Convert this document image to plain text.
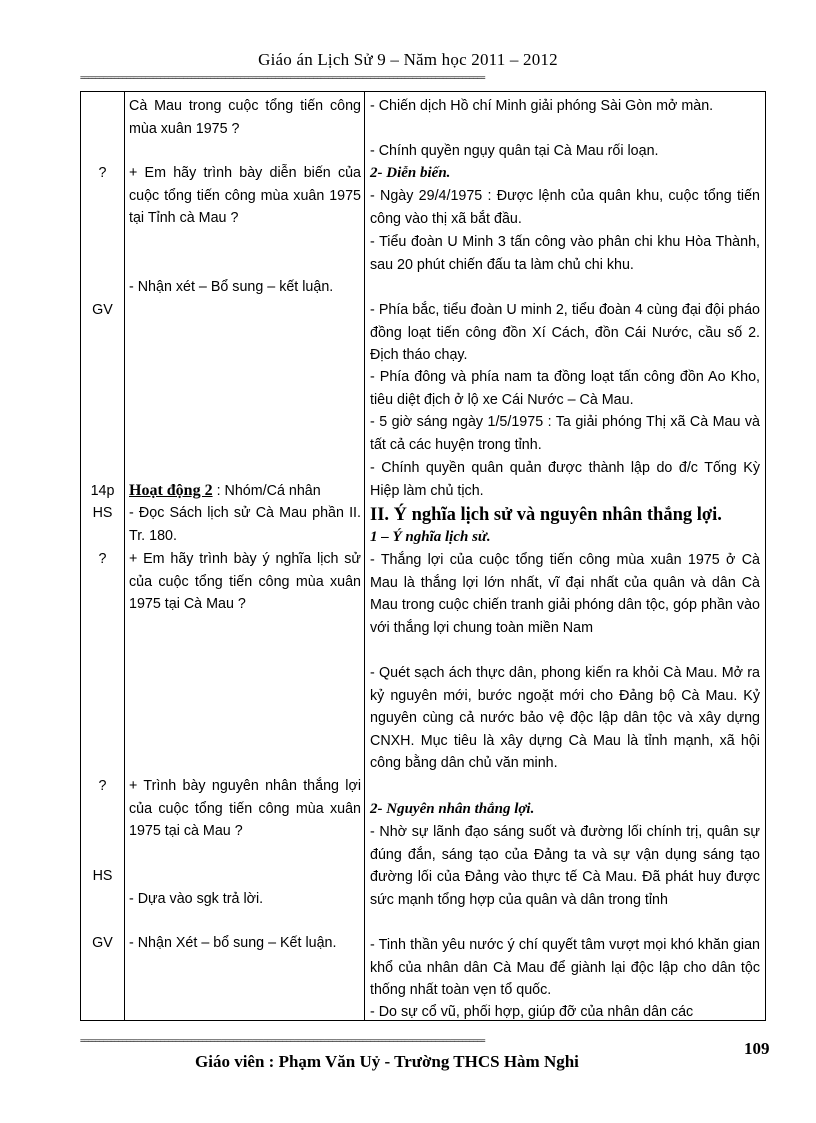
Giáo án Lịch Sử 9 – Năm học 2011 – 2012
==========================================================================================================
?
GV
14p
HS
?
?
HS
GV
Cà Mau trong cuộc tổng tiến công mùa xuân 1975 ?
+ Em hãy trình bày diễn biến của cuộc tổng tiến công mùa xuân 1975 tại Tỉnh cà Mau ?
- Nhận xét – Bổ sung – kết luận.
Hoạt động 2 : Nhóm/Cá nhân
- Đọc Sách lịch sử Cà Mau phần II. Tr. 180.
+ Em hãy trình bày ý nghĩa lịch sử của cuộc tổng tiến công mùa xuân 1975 tại Cà Mau ?
+ Trình bày nguyên nhân thắng lợi của cuộc tổng tiến công mùa xuân 1975 tại cà Mau ?
- Dựa vào sgk trả lời.
- Nhận Xét – bổ sung – Kết luận.
- Chiến dịch Hồ chí Minh giải phóng Sài Gòn mở màn.
- Chính quyền ngụy quân tại Cà Mau rối loạn.
2- Diễn biến.
- Ngày 29/4/1975 : Được lệnh của quân khu, cuộc tổng tiến công vào thị xã bắt đầu.
- Tiểu đoàn U Minh 3 tấn công vào phân chi khu Hòa Thành, sau 20 phút chiến đấu ta làm chủ chi khu.
- Phía bắc, tiểu đoàn U minh 2, tiểu đoàn 4 cùng đại đội pháo đồng loạt tiến công đồn Xí Cách, đồn Cái Nước, cầu số 2. Địch tháo chạy.
- Phía đông và phía nam ta đồng loạt tấn công đồn Ao Kho, tiêu diệt địch ở lộ xe Cái Nước – Cà Mau.
- 5 giờ sáng ngày 1/5/1975 : Ta giải phóng Thị xã Cà Mau và tất cả các huyện trong tỉnh.
- Chính quyền quân quản được thành lập do đ/c Tống Kỳ Hiệp làm chủ tịch.
II. Ý nghĩa lịch sử và nguyên nhân thắng lợi.
1 – Ý nghĩa lịch sử.
- Thắng lợi của cuộc tổng tiến công mùa xuân 1975 ở Cà Mau là thắng lợi lớn nhất, vĩ đại nhất của quân và dân Cà Mau trong cuộc chiến tranh giải phóng dân tộc, góp phần vào với thắng lợi chung toàn miền Nam
- Quét sạch ách thực dân, phong kiến ra khỏi Cà Mau. Mở ra kỷ nguyên mới, bước ngoặt mới cho Đảng bộ Cà Mau. Kỷ nguyên cùng cả nước bảo vệ độc lập dân tộc và xây dựng CNXH. Mục tiêu là xây dựng Cà Mau là tỉnh mạnh, xã hội công bằng dân chủ văn minh.
2- Nguyên nhân thắng lợi.
- Nhờ sự lãnh đạo sáng suốt và đường lối chính trị, quân sự đúng đắn, sáng tạo của Đảng ta và sự vận dụng sáng tạo đường lối của Đảng vào thực tế Cà Mau. Đã phát huy được sức mạnh tổng hợp của quân và dân trong tỉnh
- Tinh thần yêu nước ý chí quyết tâm vượt mọi khó khăn gian khổ của nhân dân Cà Mau để giành lại độc lập cho dân tộc thống nhất toàn vẹn tổ quốc.
- Do sự cổ vũ, phối hợp, giúp đỡ của nhân dân các
==========================================================================================================	109
Giáo viên : Phạm Văn Uỷ - Trường THCS Hàm Nghi
